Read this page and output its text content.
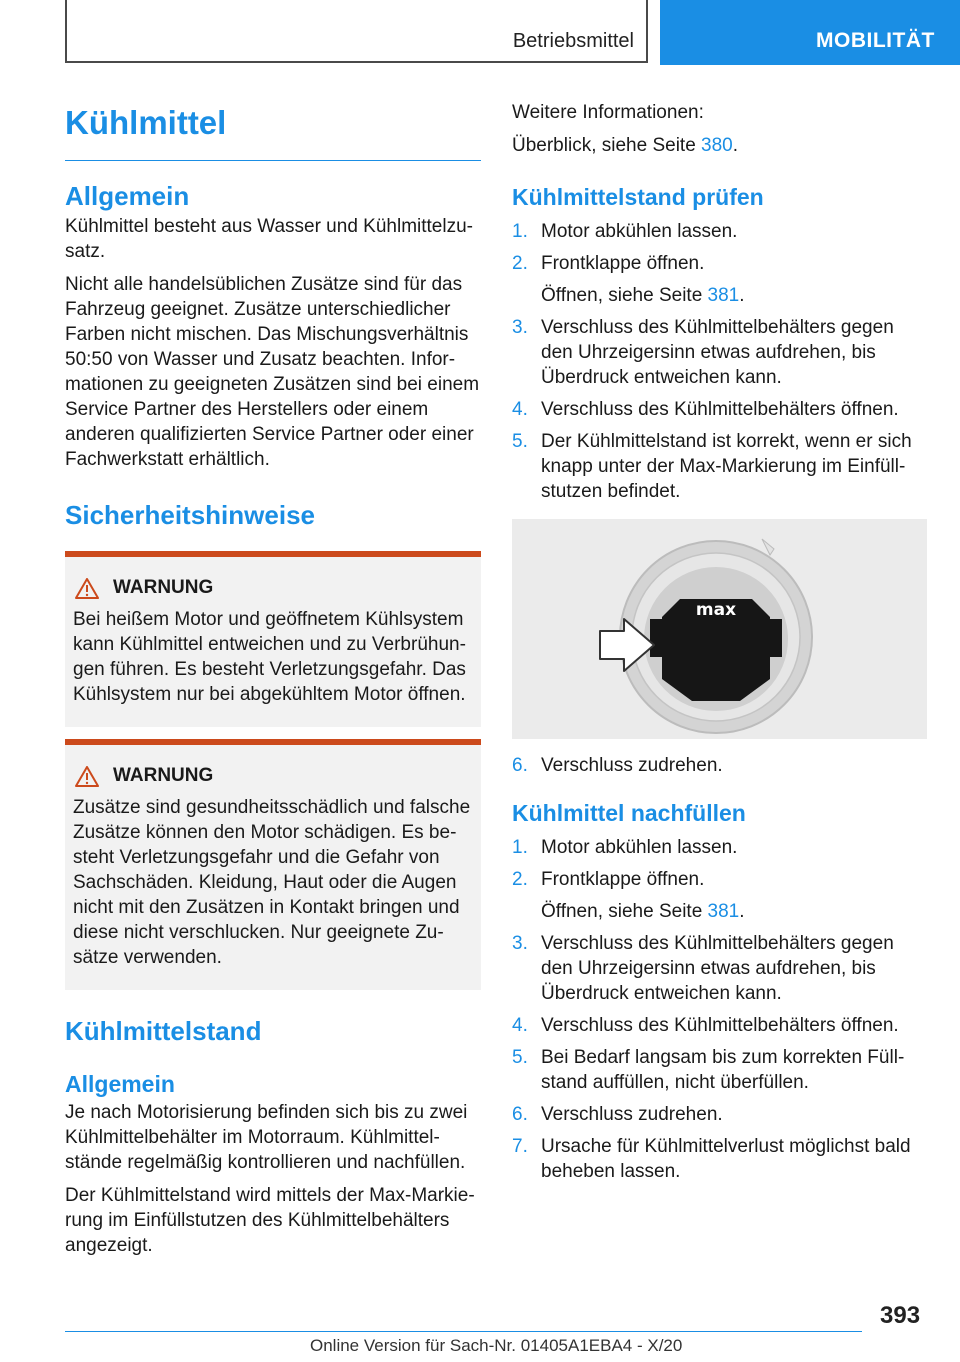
Betriebsmittel	MOBILITÄT
Kühlmittel
Allgemein

Kühlmittel besteht aus Wasser und Kühlmittelzusatz.

Nicht alle handelsüblichen Zusätze sind für das Fahrzeug geeignet. Zusätze unterschiedlicher Farben nicht mischen. Das Mischungsverhältnis 50:50 von Wasser und Zusatz beachten. Informationen zu geeigneten Zusätzen sind bei einem Service Partner des Herstellers oder einem anderen qualifizierten Service Partner oder einer Fachwerkstatt erhältlich.

Sicherheitshinweise
WARNUNG

Bei heißem Motor und geöffnetem Kühlsystem kann Kühlmittel entweichen und zu Verbrühungen führen. Es besteht Verletzungsgefahr. Das Kühlsystem nur bei abgekühltem Motor öffnen.

WARNUNG

Zusätze sind gesundheitsschädlich und falsche Zusätze können den Motor schädigen. Es besteht Verletzungsgefahr und die Gefahr von Sachschäden. Kleidung, Haut oder die Augen nicht mit den Zusätzen in Kontakt bringen und diese nicht verschlucken. Nur geeignete Zusätze verwenden.

Kühlmittelstand
Allgemein

Je nach Motorisierung befinden sich bis zu zwei Kühlmittelbehälter im Motorraum. Kühlmittelstände regelmäßig kontrollieren und nachfüllen.

Der Kühlmittelstand wird mittels der Max-Markierung im Einfüllstutzen des Kühlmittelbehälters angezeigt.

Weitere Informationen:

Überblick, siehe Seite 380.

Kühlmittelstand prüfen
1. Motor abkühlen lassen.
2. Frontklappe öffnen.
Öffnen, siehe Seite 381.
3. Verschluss des Kühlmittelbehälters gegen den Uhrzeigersinn etwas aufdrehen, bis Überdruck entweichen kann.
4. Verschluss des Kühlmittelbehälters öffnen.
5. Der Kühlmittelstand ist korrekt, wenn er sich knapp unter der Max-Markierung im Einfüllstutzen befindet.
max
6. Verschluss zudrehen.
Kühlmittel nachfüllen
1. Motor abkühlen lassen.
2. Frontklappe öffnen.
Öffnen, siehe Seite 381.
3. Verschluss des Kühlmittelbehälters gegen den Uhrzeigersinn etwas aufdrehen, bis Überdruck entweichen kann.
4. Verschluss des Kühlmittelbehälters öffnen.
5. Bei Bedarf langsam bis zum korrekten Füllstand auffüllen, nicht überfüllen.
6. Verschluss zudrehen.
7. Ursache für Kühlmittelverlust möglichst bald beheben lassen.
393
Online Version für Sach-Nr. 01405A1EBA4 - X/20
